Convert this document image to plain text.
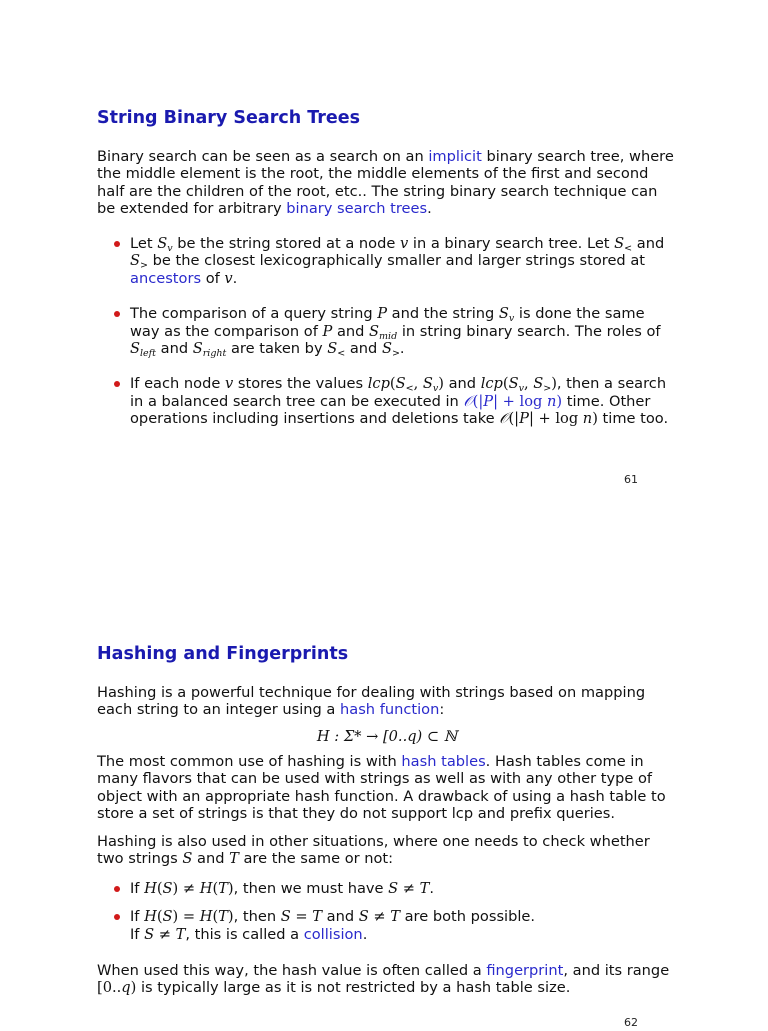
String Binary Search Trees

Binary search can be seen as a search on an implicit binary search tree, where the middle element is the root, the middle elements of the first and second half are the children of the root, etc.. The string binary search technique can be extended for arbitrary binary search trees.

Let $S_v$ be the string stored at a node v in a binary search tree. Let $S_<$ and $S_>$ be the closest lexicographically smaller and larger strings stored at ancestors of v.
The comparison of a query string P and the string $S_v$ is done the same way as the comparison of P and $S_{mid}$ in string binary search. The roles of $S_{left}$ and $S_{right}$ are taken by $S_<$ and $S_>$.
If each node v stores the values $lcp(S_<$, $S_v$) and $lcp(S_v$, $S_>$), then a search in a balanced search tree can be executed in 𝒪(|P| + log n) time. Other operations including insertions and deletions take 𝒪(|P| + log n) time too.
61
Hashing and Fingerprints

Hashing is a powerful technique for dealing with strings based on mapping each string to an integer using a hash function:

H : Σ* → [0..q) ⊂ ℕ

The most common use of hashing is with hash tables. Hash tables come in many flavors that can be used with strings as well as with any other type of object with an appropriate hash function. A drawback of using a hash table to store a set of strings is that they do not support lcp and prefix queries.

Hashing is also used in other situations, where one needs to check whether two strings S and T are the same or not:

If H(S) ≠ H(T), then we must have S ≠ T.
If H(S) = H(T), then S = T and S ≠ T are both possible.
If S ≠ T, this is called a collision.

When used this way, the hash value is often called a fingerprint, and its range [0..q) is typically large as it is not restricted by a hash table size.

62
